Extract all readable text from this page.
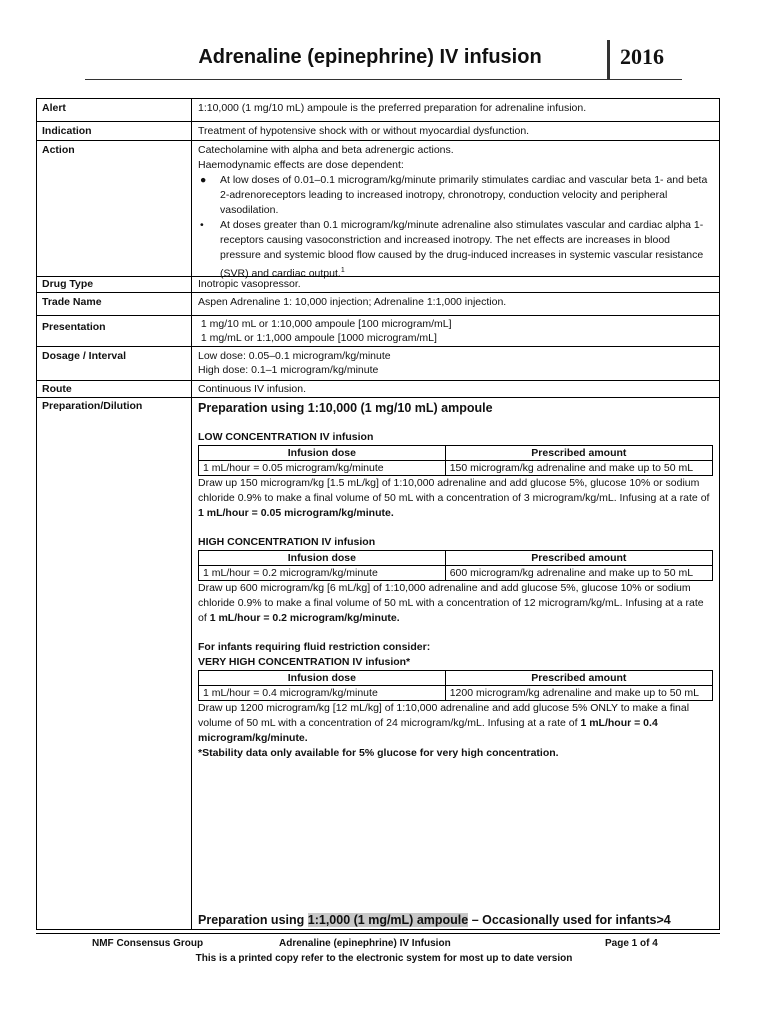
Adrenaline (epinephrine) IV infusion	2016
Alert	1:10,000 (1 mg/10 mL) ampoule is the preferred preparation for adrenaline infusion.
Indication	Treatment of hypotensive shock with or without myocardial dysfunction.
Action	Catecholamine with alpha and beta adrenergic actions.

Haemodynamic effects are dose dependent:

● At low doses of 0.01–0.1 microgram/kg/minute primarily stimulates cardiac and vascular beta 1- and beta 2-adrenoreceptors leading to increased inotropy, chronotropy, conduction velocity and peripheral vasodilation.
• At doses greater than 0.1 microgram/kg/minute adrenaline also stimulates vascular and cardiac alpha 1-receptors causing vasoconstriction and increased inotropy. The net effects are increases in blood pressure and systemic blood flow caused by the drug-induced increases in systemic vascular resistance (SVR) and cardiac output.$^1$
Drug Type	Inotropic vasopressor.
Trade Name	Aspen Adrenaline 1: 10,000 injection; Adrenaline 1:1,000 injection.
Presentation	1 mg/10 mL or 1:10,000 ampoule [100 microgram/mL]

1 mg/mL or 1:1,000 ampoule [1000 microgram/mL]

Dosage / Interval	Low dose: 0.05–0.1 microgram/kg/minute

High dose: 0.1–1 microgram/kg/minute

Route	Continuous IV infusion.
Preparation/Dilution	Preparation using 1:10,000 (1 mg/10 mL) ampoule
LOW CONCENTRATION IV infusion
Infusion dose	Prescribed amount
1 mL/hour = 0.05 microgram/kg/minute	150 microgram/kg adrenaline and make up to 50 mL

Draw up 150 microgram/kg [1.5 mL/kg] of 1:10,000 adrenaline and add glucose 5%, glucose 10% or sodium chloride 0.9% to make a final volume of 50 mL with a concentration of 3 microgram/kg/mL. Infusing at a rate of 1 mL/hour = 0.05 microgram/kg/minute.

HIGH CONCENTRATION IV infusion
Infusion dose	Prescribed amount
1 mL/hour = 0.2 microgram/kg/minute	600 microgram/kg adrenaline and make up to 50 mL

Draw up 600 microgram/kg [6 mL/kg] of 1:10,000 adrenaline and add glucose 5%, glucose 10% or sodium chloride 0.9% to make a final volume of 50 mL with a concentration of 12 microgram/kg/mL. Infusing at a rate of 1 mL/hour = 0.2 microgram/kg/minute.

For infants requiring fluid restriction consider:
VERY HIGH CONCENTRATION IV infusion*
Infusion dose	Prescribed amount
1 mL/hour = 0.4 microgram/kg/minute	1200 microgram/kg adrenaline and make up to 50 mL

Draw up 1200 microgram/kg [12 mL/kg] of 1:10,000 adrenaline and add glucose 5% ONLY to make a final volume of 50 mL with a concentration of 24 microgram/kg/mL. Infusing at a rate of 1 mL/hour = 0.4 microgram/kg/minute.

*Stability data only available for 5% glucose for very high concentration.

Preparation using 1:1,000 (1 mg/mL) ampoule – Occasionally used for infants>4
NMF Consensus Group	Adrenaline (epinephrine) IV Infusion	Page 1 of 4
This is a printed copy refer to the electronic system for most up to date version
